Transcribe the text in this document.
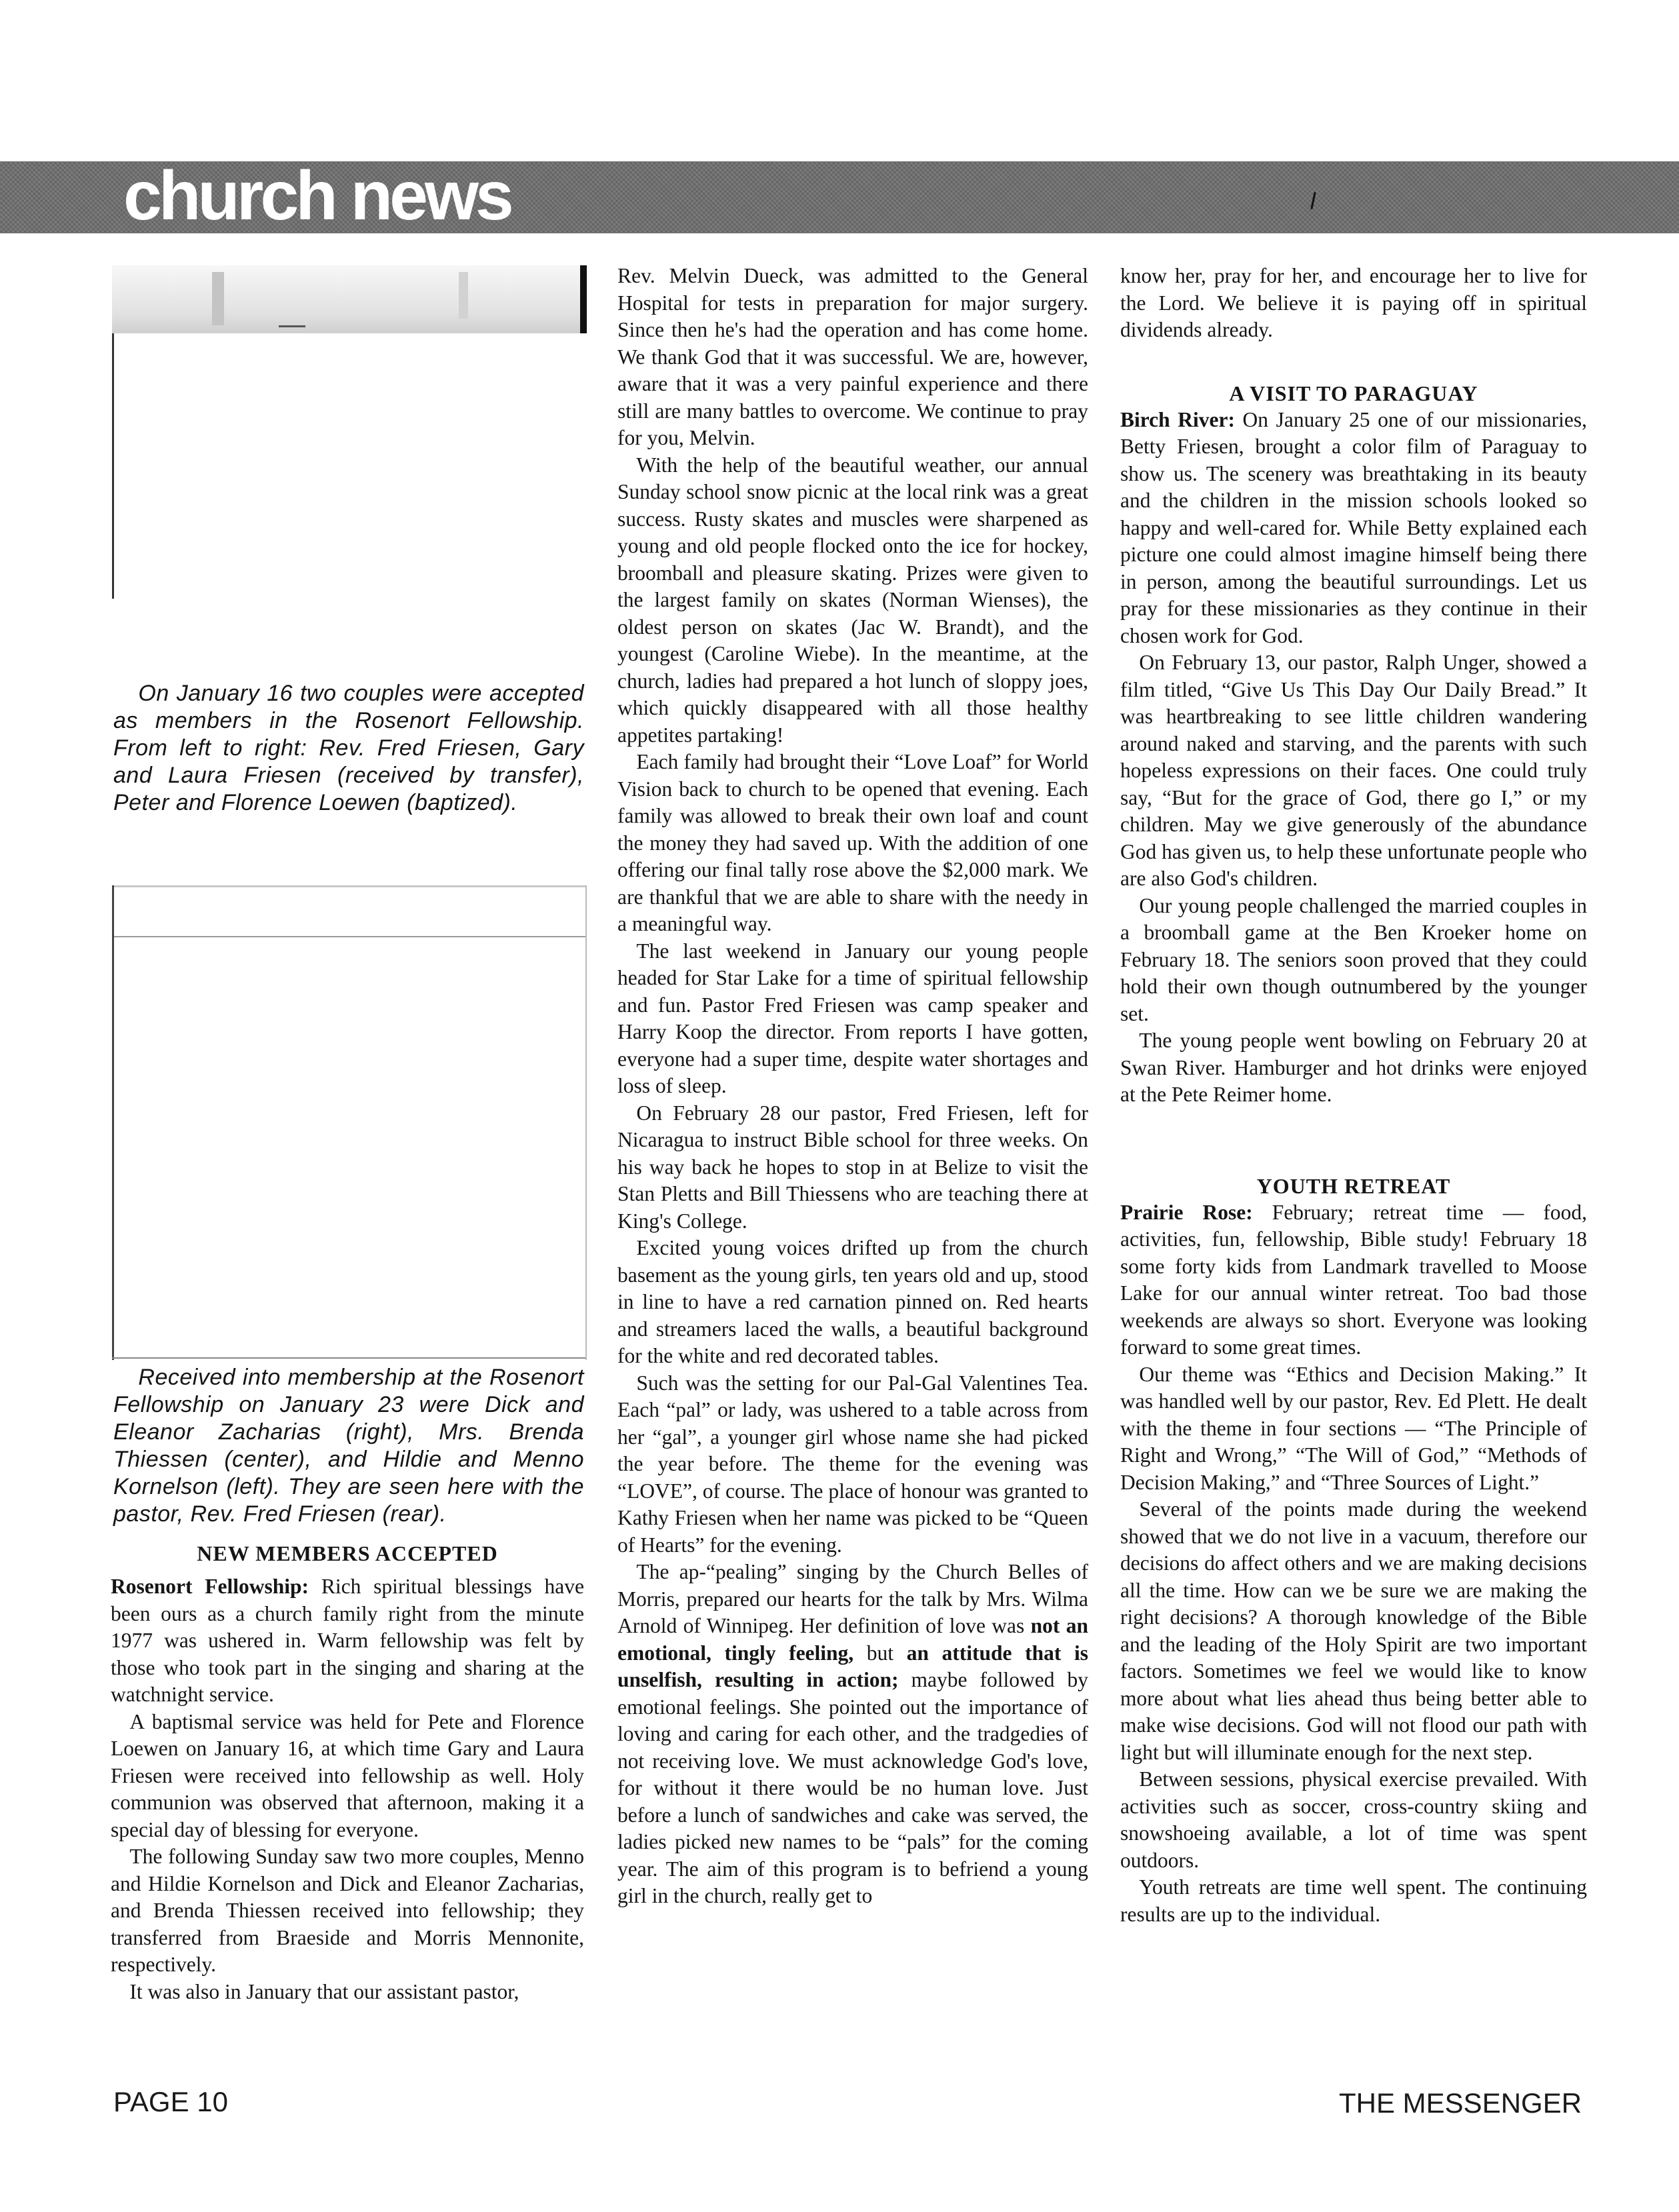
church news
On January 16 two couples were accepted as members in the Rosenort Fellowship. From left to right: Rev. Fred Friesen, Gary and Laura Friesen (received by transfer), Peter and Florence Loewen (baptized).
Received into membership at the Rosenort Fellowship on January 23 were Dick and Eleanor Zacharias (right), Mrs. Brenda Thiessen (center), and Hildie and Menno Kornelson (left). They are seen here with the pastor, Rev. Fred Friesen (rear).
NEW MEMBERS ACCEPTED

Rosenort Fellowship: Rich spiritual blessings have been ours as a church family right from the minute 1977 was ushered in. Warm fellowship was felt by those who took part in the singing and sharing at the watchnight service.

A baptismal service was held for Pete and Florence Loewen on January 16, at which time Gary and Laura Friesen were received into fellowship as well. Holy communion was observed that afternoon, making it a special day of blessing for everyone.

The following Sunday saw two more couples, Menno and Hildie Kornelson and Dick and Eleanor Zacharias, and Brenda Thiessen received into fellowship; they transferred from Braeside and Morris Mennonite, respectively.

It was also in January that our assistant pastor,

Rev. Melvin Dueck, was admitted to the General Hospital for tests in preparation for major surgery. Since then he's had the operation and has come home. We thank God that it was successful. We are, however, aware that it was a very painful experience and there still are many battles to overcome. We continue to pray for you, Melvin.

With the help of the beautiful weather, our annual Sunday school snow picnic at the local rink was a great success. Rusty skates and muscles were sharpened as young and old people flocked onto the ice for hockey, broomball and pleasure skating. Prizes were given to the largest family on skates (Norman Wienses), the oldest person on skates (Jac W. Brandt), and the youngest (Caroline Wiebe). In the meantime, at the church, ladies had prepared a hot lunch of sloppy joes, which quickly disappeared with all those healthy appetites partaking!

Each family had brought their “Love Loaf” for World Vision back to church to be opened that evening. Each family was allowed to break their own loaf and count the money they had saved up. With the addition of one offering our final tally rose above the $2,000 mark. We are thankful that we are able to share with the needy in a meaningful way.

The last weekend in January our young people headed for Star Lake for a time of spiritual fellowship and fun. Pastor Fred Friesen was camp speaker and Harry Koop the director. From reports I have gotten, everyone had a super time, despite water shortages and loss of sleep.

On February 28 our pastor, Fred Friesen, left for Nicaragua to instruct Bible school for three weeks. On his way back he hopes to stop in at Belize to visit the Stan Pletts and Bill Thiessens who are teaching there at King's College.

Excited young voices drifted up from the church basement as the young girls, ten years old and up, stood in line to have a red carnation pinned on. Red hearts and streamers laced the walls, a beautiful background for the white and red decorated tables.

Such was the setting for our Pal-Gal Valentines Tea. Each “pal” or lady, was ushered to a table across from her “gal”, a younger girl whose name she had picked the year before. The theme for the evening was “LOVE”, of course. The place of honour was granted to Kathy Friesen when her name was picked to be “Queen of Hearts” for the evening.

The ap-“pealing” singing by the Church Belles of Morris, prepared our hearts for the talk by Mrs. Wilma Arnold of Winnipeg. Her definition of love was not an emotional, tingly feeling, but an attitude that is unselfish, resulting in action; maybe followed by emotional feelings. She pointed out the importance of loving and caring for each other, and the tradgedies of not receiving love. We must acknowledge God's love, for without it there would be no human love. Just before a lunch of sandwiches and cake was served, the ladies picked new names to be “pals” for the coming year. The aim of this program is to befriend a young girl in the church, really get to

know her, pray for her, and encourage her to live for the Lord. We believe it is paying off in spiritual dividends already.

A VISIT TO PARAGUAY

Birch River: On January 25 one of our missionaries, Betty Friesen, brought a color film of Paraguay to show us. The scenery was breathtaking in its beauty and the children in the mission schools looked so happy and well-cared for. While Betty explained each picture one could almost imagine himself being there in person, among the beautiful surroundings. Let us pray for these missionaries as they continue in their chosen work for God.

On February 13, our pastor, Ralph Unger, showed a film titled, “Give Us This Day Our Daily Bread.” It was heartbreaking to see little children wandering around naked and starving, and the parents with such hopeless expressions on their faces. One could truly say, “But for the grace of God, there go I,” or my children. May we give generously of the abundance God has given us, to help these unfortunate people who are also God's children.

Our young people challenged the married couples in a broomball game at the Ben Kroeker home on February 18. The seniors soon proved that they could hold their own though outnumbered by the younger set.

The young people went bowling on February 20 at Swan River. Hamburger and hot drinks were enjoyed at the Pete Reimer home.

YOUTH RETREAT

Prairie Rose: February; retreat time — food, activities, fun, fellowship, Bible study! February 18 some forty kids from Landmark travelled to Moose Lake for our annual winter retreat. Too bad those weekends are always so short. Everyone was looking forward to some great times.

Our theme was “Ethics and Decision Making.” It was handled well by our pastor, Rev. Ed Plett. He dealt with the theme in four sections — “The Principle of Right and Wrong,” “The Will of God,” “Methods of Decision Making,” and “Three Sources of Light.”

Several of the points made during the weekend showed that we do not live in a vacuum, therefore our decisions do affect others and we are making decisions all the time. How can we be sure we are making the right decisions? A thorough knowledge of the Bible and the leading of the Holy Spirit are two important factors. Sometimes we feel we would like to know more about what lies ahead thus being better able to make wise decisions. God will not flood our path with light but will illuminate enough for the next step.

Between sessions, physical exercise prevailed. With activities such as soccer, cross-country skiing and snowshoeing available, a lot of time was spent outdoors.

Youth retreats are time well spent. The continuing results are up to the individual.

PAGE 10	THE MESSENGER
